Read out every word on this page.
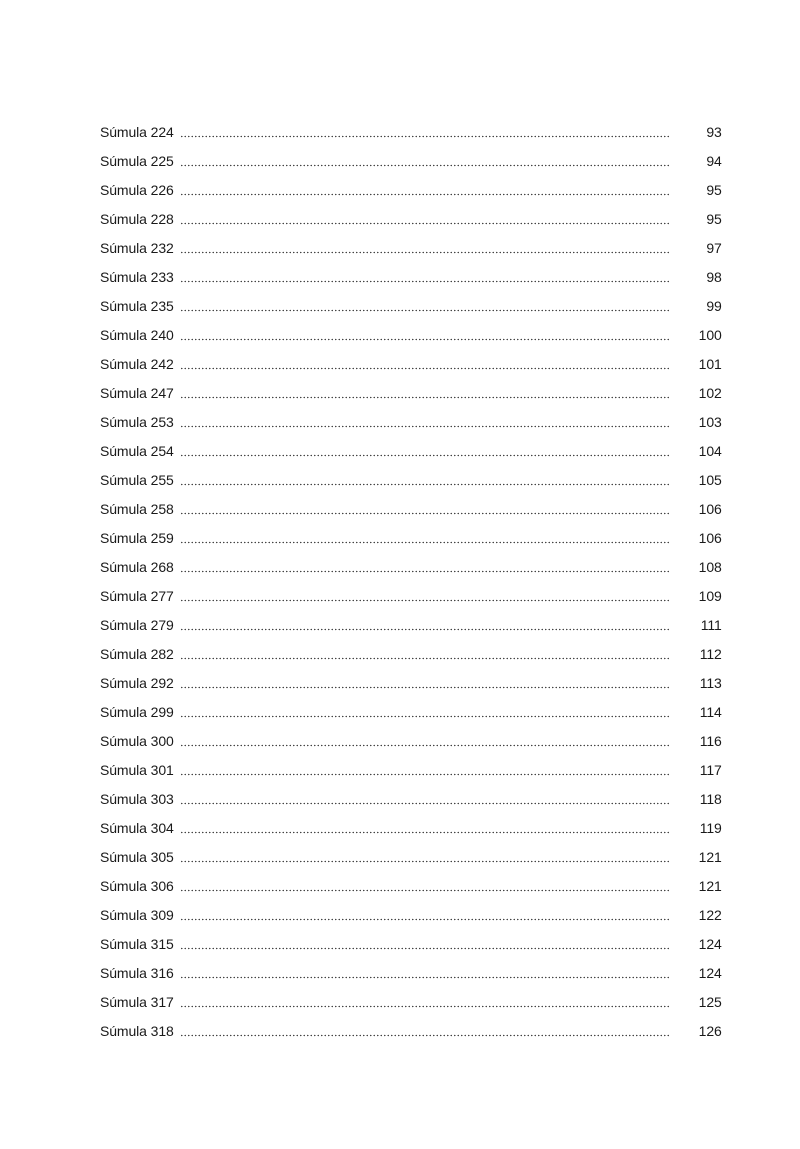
Súmula 224	93
Súmula 225	94
Súmula 226	95
Súmula 228	95
Súmula 232	97
Súmula 233	98
Súmula 235	99
Súmula 240	100
Súmula 242	101
Súmula 247	102
Súmula 253	103
Súmula 254	104
Súmula 255	105
Súmula 258	106
Súmula 259	106
Súmula 268	108
Súmula 277	109
Súmula 279	111
Súmula 282	112
Súmula 292	113
Súmula 299	114
Súmula 300	116
Súmula 301	117
Súmula 303	118
Súmula 304	119
Súmula 305	121
Súmula 306	121
Súmula 309	122
Súmula 315	124
Súmula 316	124
Súmula 317	125
Súmula 318	126
